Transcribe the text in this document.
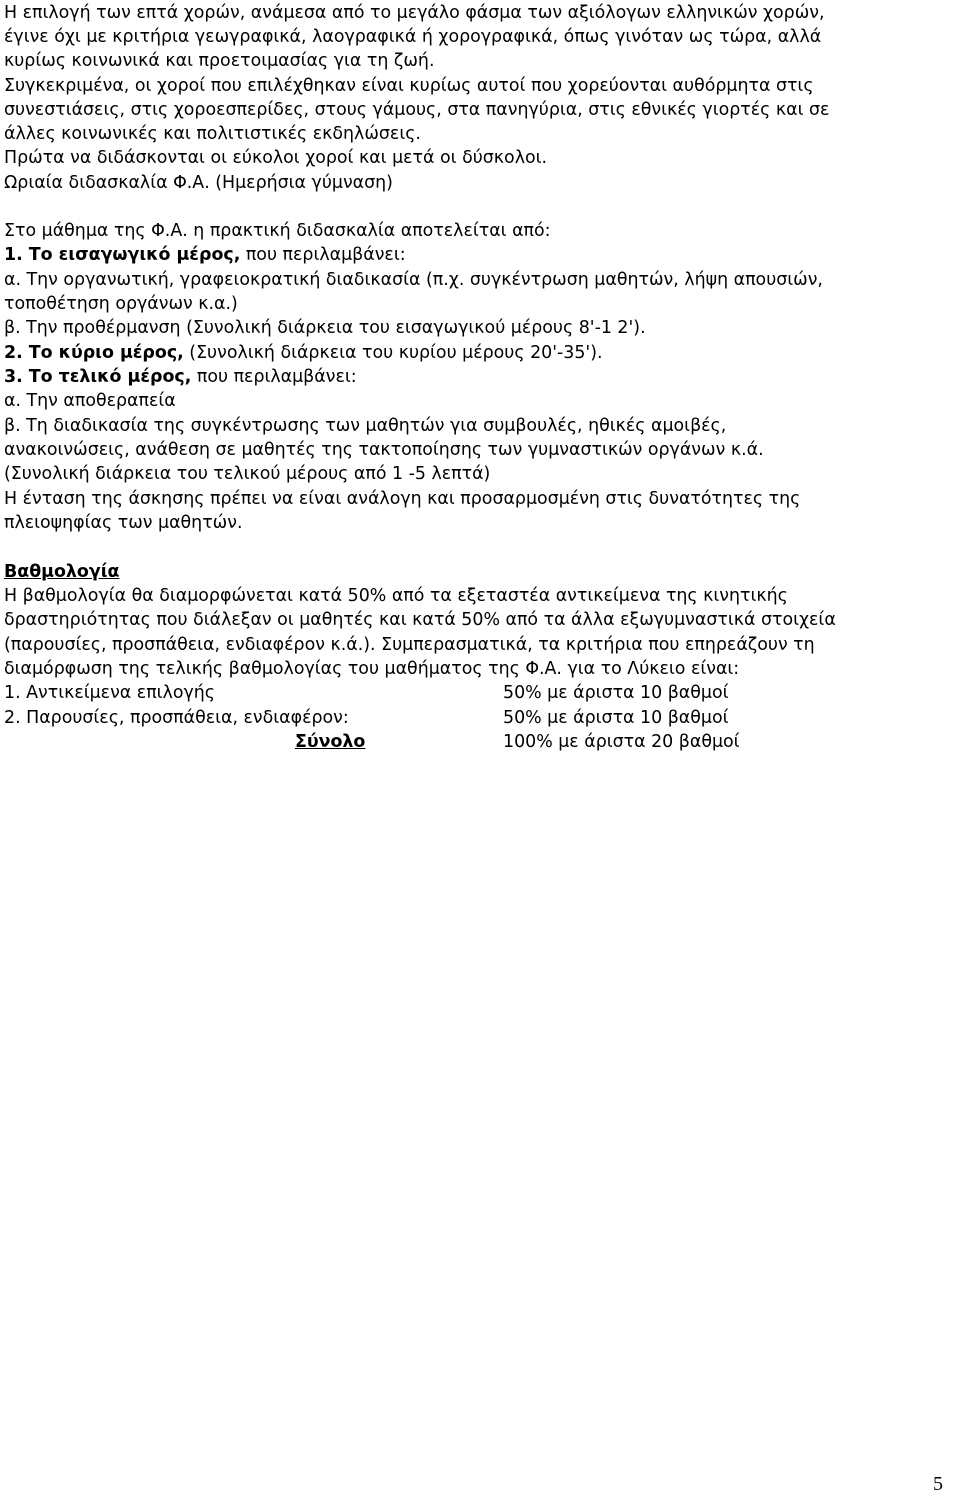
Η επιλογή των επτά χορών, ανάμεσα από το μεγάλο φάσμα των αξιόλογων ελληνικών χορών,
έγινε όχι με κριτήρια γεωγραφικά, λαογραφικά ή χορογραφικά, όπως γινόταν ως τώρα, αλλά
κυρίως κοινωνικά και προετοιμασίας για τη ζωή.
Συγκεκριμένα, οι χοροί που επιλέχθηκαν είναι κυρίως αυτοί που χορεύονται αυθόρμητα στις
συνεστιάσεις, στις χοροεσπερίδες, στους γάμους, στα πανηγύρια, στις εθνικές γιορτές και σε
άλλες κοινωνικές και πολιτιστικές εκδηλώσεις.
Πρώτα να διδάσκονται οι εύκολοι χοροί και μετά οι δύσκολοι.
Ωριαία διδασκαλία Φ.Α. (Ημερήσια γύμναση)
Στο μάθημα της Φ.Α. η πρακτική διδασκαλία αποτελείται από:
1. Το εισαγωγικό μέρος, που περιλαμβάνει:
α. Την οργανωτική, γραφειοκρατική διαδικασία (π.χ. συγκέντρωση μαθητών, λήψη απουσιών,
τοποθέτηση οργάνων κ.α.)
β. Την προθέρμανση (Συνολική διάρκεια του εισαγωγικού μέρους 8'-1 2').
2. Το κύριο μέρος, (Συνολική διάρκεια του κυρίου μέρους 20'-35').
3. Το τελικό μέρος, που περιλαμβάνει:
α. Την αποθεραπεία
β. Τη διαδικασία της συγκέντρωσης των μαθητών για συμβουλές, ηθικές αμοιβές,
ανακοινώσεις, ανάθεση σε μαθητές της τακτοποίησης των γυμναστικών οργάνων κ.ά.
(Συνολική διάρκεια του τελικού μέρους από 1 -5 λεπτά)
Η ένταση της άσκησης πρέπει να είναι ανάλογη και προσαρμοσμένη στις δυνατότητες της
πλειοψηφίας των μαθητών.
Βαθμολογία
Η βαθμολογία θα διαμορφώνεται κατά 50% από τα εξεταστέα αντικείμενα της κινητικής
δραστηριότητας που διάλεξαν οι μαθητές και κατά 50% από τα άλλα εξωγυμναστικά στοιχεία
(παρουσίες, προσπάθεια, ενδιαφέρον κ.ά.). Συμπερασματικά, τα κριτήρια που επηρεάζουν τη
διαμόρφωση της τελικής βαθμολογίας του μαθήματος της Φ.Α. για το Λύκειο είναι:
1. Αντικείμενα επιλογής	50% με άριστα 10 βαθμοί
2. Παρουσίες, προσπάθεια, ενδιαφέρον:	50% με άριστα 10 βαθμοί
Σύνολο	100% με άριστα 20 βαθμοί
5
